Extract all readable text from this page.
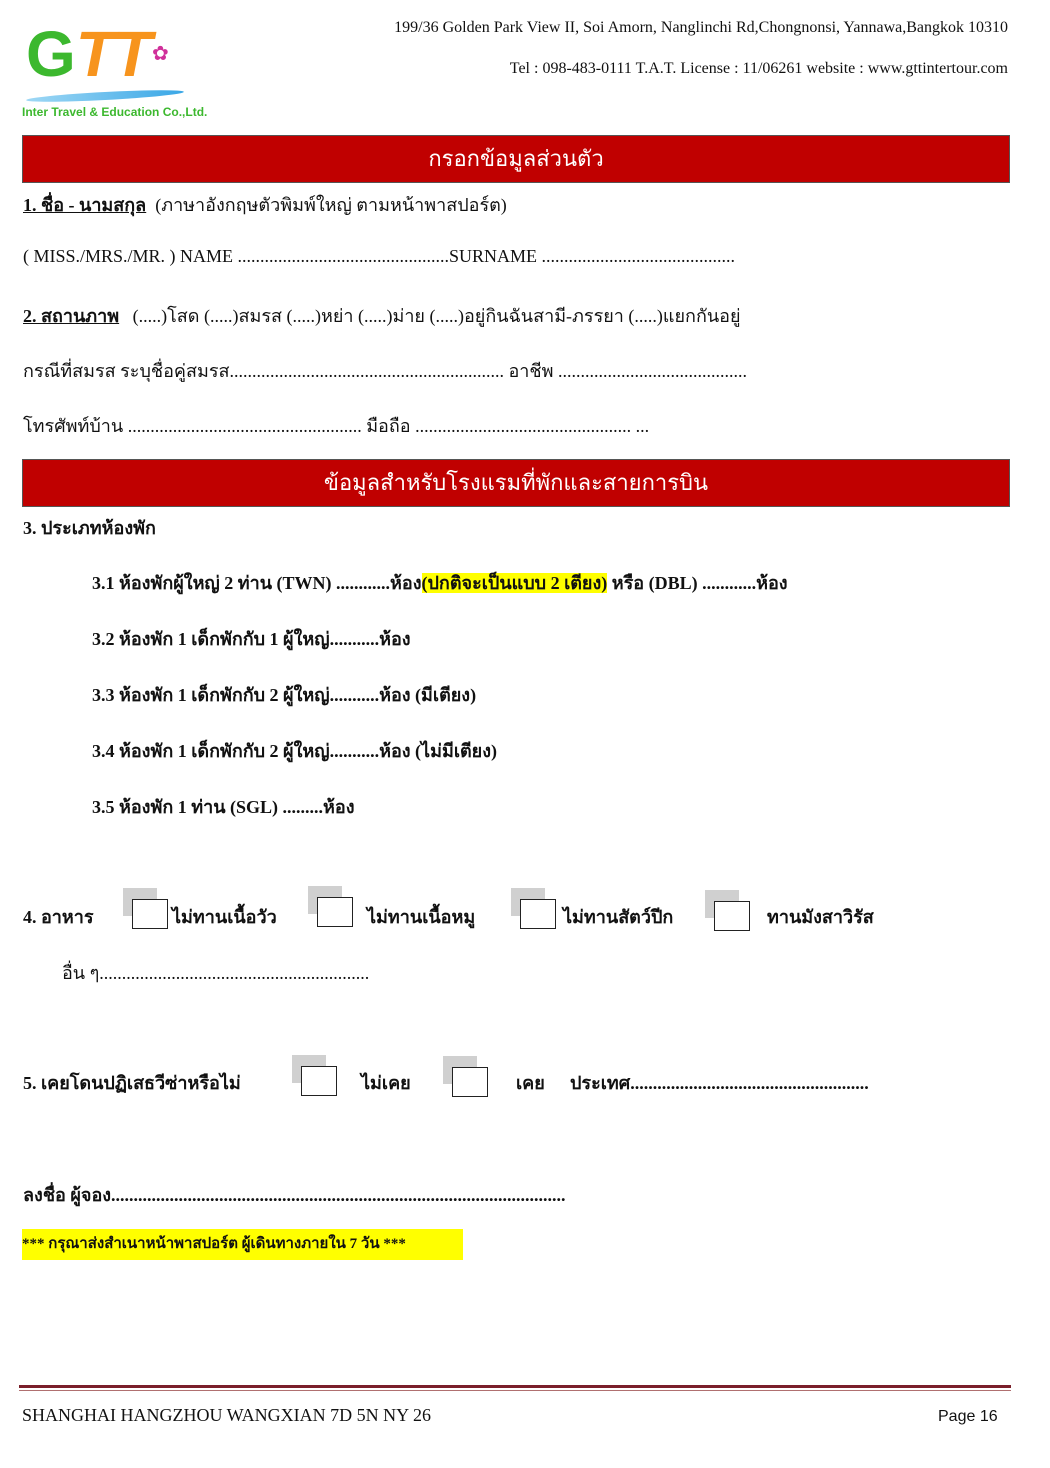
G TT ✿
Inter Travel & Education Co.,Ltd.
199/36 Golden Park View II, Soi Amorn, Nanglinchi Rd,Chongnonsi, Yannawa,Bangkok 10310
Tel : 098-483-0111 T.A.T. License : 11/06261 website : www.gttintertour.com
กรอกข้อมูลส่วนตัว
1. ชื่อ - นามสกุล (ภาษาอังกฤษตัวพิมพ์ใหญ่ ตามหน้าพาสปอร์ต)
( MISS./MRS./MR. ) NAME ...............................................SURNAME ...........................................
2. สถานภาพ (.....)โสด (.....)สมรส (.....)หย่า (.....)ม่าย (.....)อยู่กินฉันสามี-ภรรยา (.....)แยกกันอยู่
กรณีที่สมรส ระบุชื่อคู่สมรส............................................................. อาชีพ ..........................................
โทรศัพท์บ้าน .................................................... มือถือ ................................................ ...
ข้อมูลสำหรับโรงแรมที่พักและสายการบิน
3. ประเภทห้องพัก
3.1 ห้องพักผู้ใหญ่ 2 ท่าน (TWN) ............ห้อง(ปกติจะเป็นแบบ 2 เตียง) หรือ (DBL) ............ห้อง
3.2 ห้องพัก 1 เด็กพักกับ 1 ผู้ใหญ่...........ห้อง
3.3 ห้องพัก 1 เด็กพักกับ 2 ผู้ใหญ่...........ห้อง (มีเตียง)
3.4 ห้องพัก 1 เด็กพักกับ 2 ผู้ใหญ่...........ห้อง (ไม่มีเตียง)
3.5 ห้องพัก 1 ท่าน (SGL) .........ห้อง
4. อาหาร	ไม่ทานเนื้อวัว	ไม่ทานเนื้อหมู	ไม่ทานสัตว์ปีก	ทานมังสาวิรัส
อื่น ๆ............................................................
5. เคยโดนปฏิเสธวีซ่าหรือไม่	ไม่เคย	เคย ประเทศ.....................................................
ลงชื่อ ผู้จอง.....................................................................................................
*** กรุณาส่งสำเนาหน้าพาสปอร์ต ผู้เดินทางภายใน 7 วัน ***
SHANGHAI HANGZHOU WANGXIAN 7D 5N NY 26	Page 16
